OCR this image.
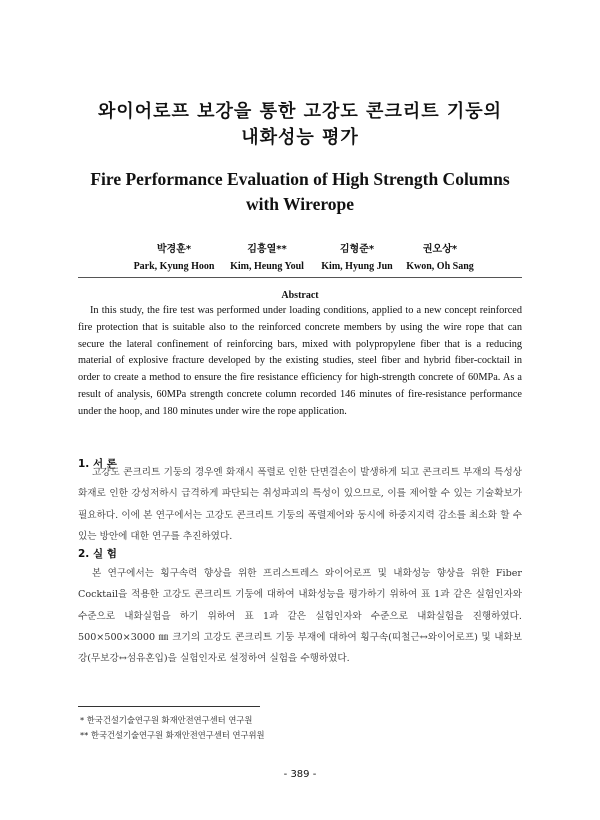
와이어로프 보강을 통한 고강도 콘크리트 기둥의
내화성능 평가
Fire Performance Evaluation of High Strength Columns
with Wirerope
박경훈*
Park, Kyung Hoon
김흥열**
Kim, Heung Youl
김형준*
Kim, Hyung Jun
권오상*
Kwon, Oh Sang
Abstract

In this study, the fire test was performed under loading conditions, applied to a new concept reinforced fire protection that is suitable also to the reinforced concrete members by using the wire rope that can secure the lateral confinement of reinforcing bars, mixed with polypropylene fiber that is a reducing material of explosive fracture developed by the existing studies, steel fiber and hybrid fiber-cocktail in order to create a method to ensure the fire resistance efficiency for high-strength concrete of 60MPa. As a result of analysis, 60MPa strength concrete column recorded 146 minutes of fire-resistance performance under the hoop, and 180 minutes under wire the rope application.

1. 서 론

고강도 콘크리트 기둥의 경우엔 화재시 폭렬로 인한 단면결손이 발생하게 되고 콘크리트 부재의 특성상 화재로 인한 강성저하시 급격하게 파단되는 취성파괴의 특성이 있으므로, 이를 제어할 수 있는 기술확보가 필요하다. 이에 본 연구에서는 고강도 콘크리트 기둥의 폭렬제어와 동시에 하중지지력 감소를 최소화 할 수 있는 방안에 대한 연구를 추진하였다.

2. 실 험

본 연구에서는 횡구속력 향상을 위한 프리스트레스 와이어로프 및 내화성능 향상을 위한 Fiber Cocktail을 적용한 고강도 콘크리트 기둥에 대하여 내화성능을 평가하기 위하여 표 1과 같은 실험인자와 수준으로 내화실험을 하기 위하여 표 1과 같은 실험인자와 수준으로 내화실험을 진행하였다. 500×500×3000 ㎜ 크기의 고강도 콘크리트 기둥 부재에 대하여 횡구속(띠철근↔와이어로프) 및 내화보강(무보강↔섬유혼입)을 실험인자로 설정하여 실험을 수행하였다.

* 한국건설기술연구원 화재안전연구센터 연구원
** 한국건설기술연구원 화재안전연구센터 연구위원
- 389 -
